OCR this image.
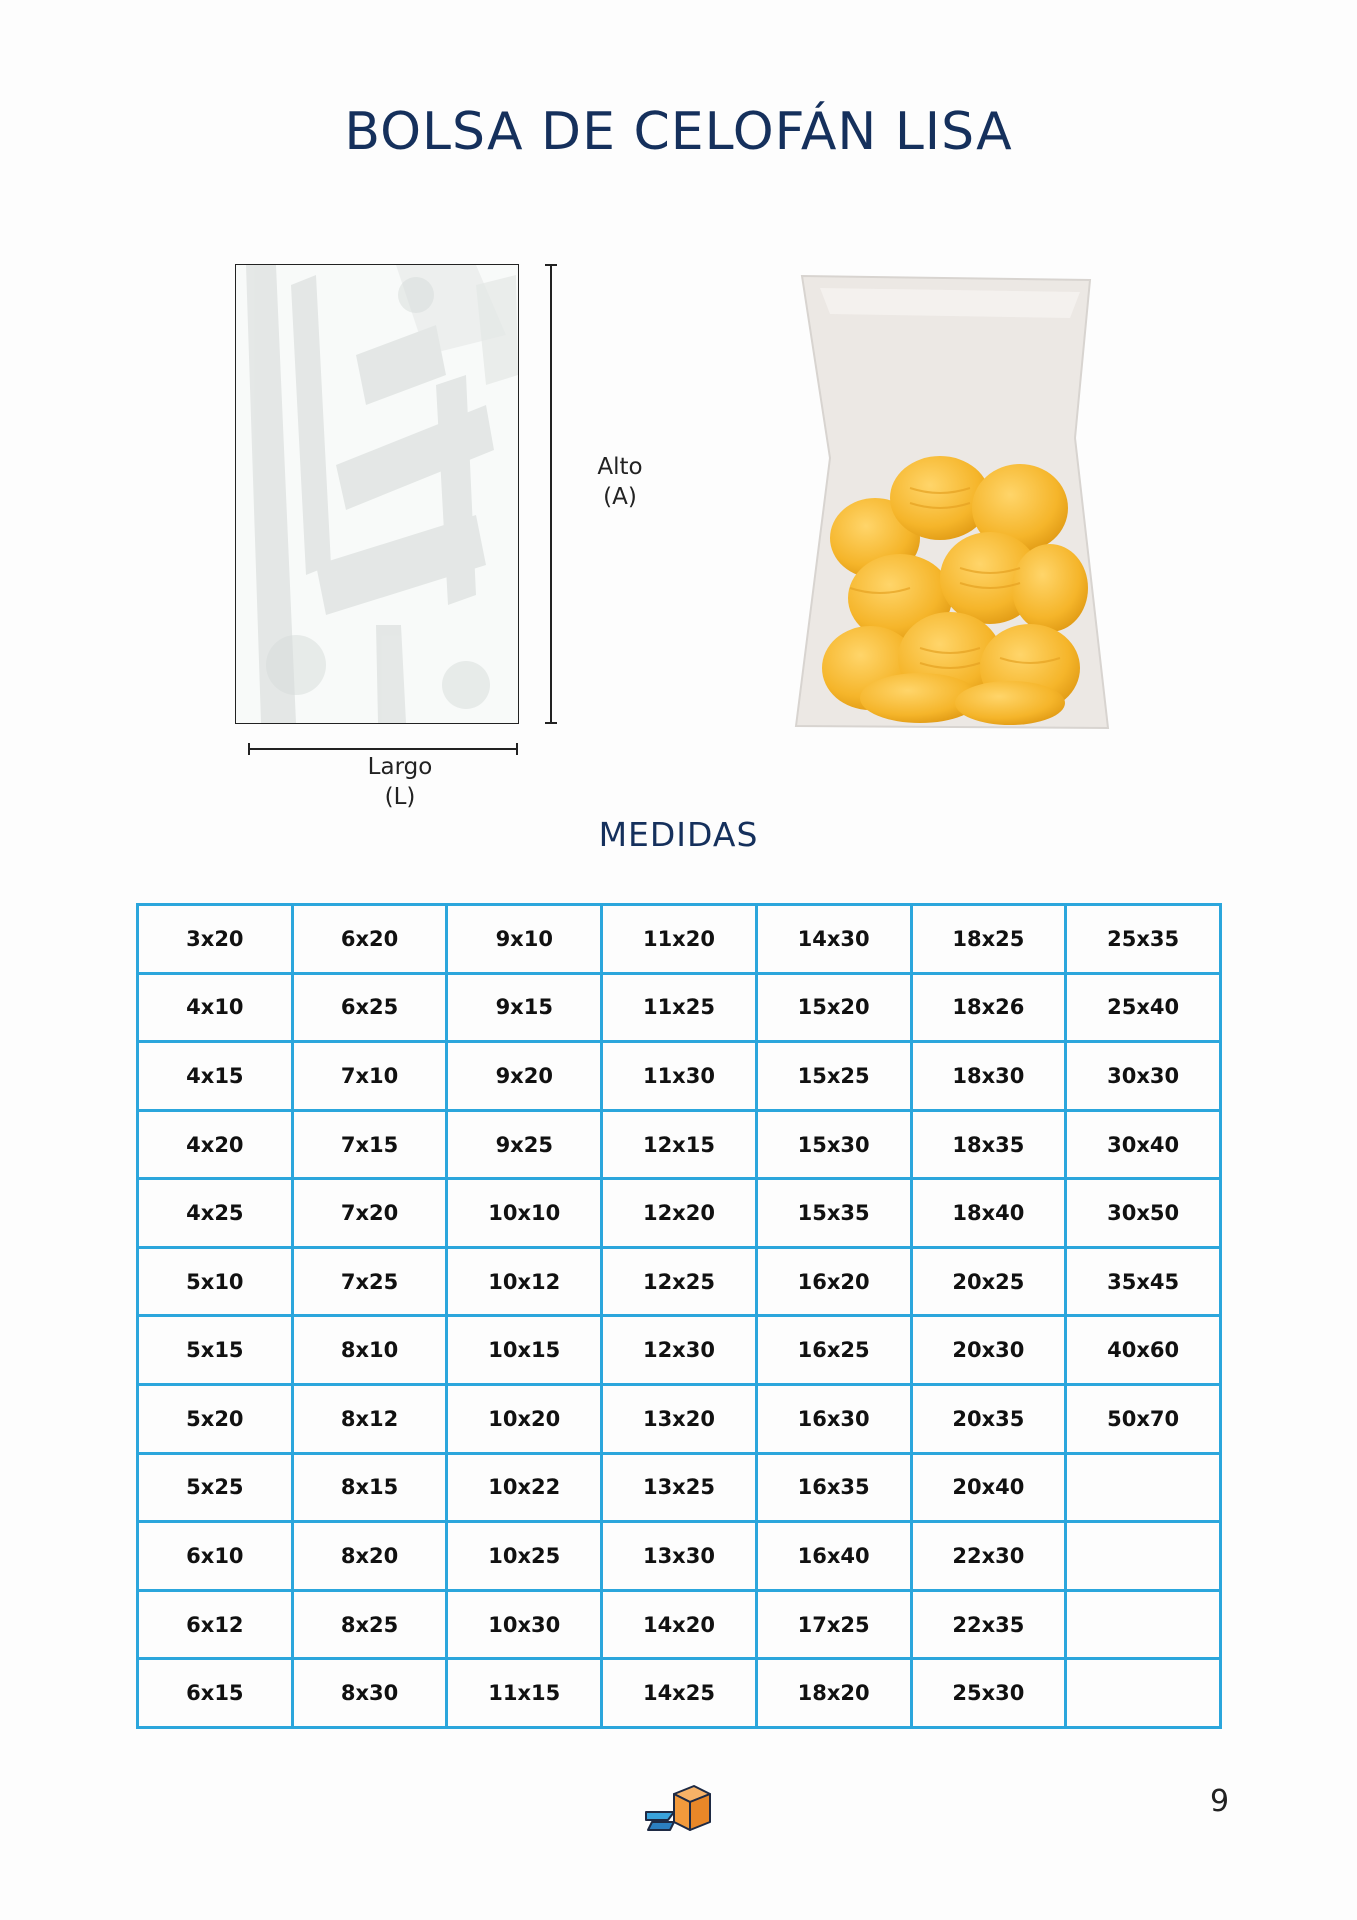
BOLSA DE CELOFÁN LISA
Alto
(A)
Largo
(L)
MEDIDAS
3x20	6x20	9x10	11x20	14x30	18x25	25x35
4x10	6x25	9x15	11x25	15x20	18x26	25x40
4x15	7x10	9x20	11x30	15x25	18x30	30x30
4x20	7x15	9x25	12x15	15x30	18x35	30x40
4x25	7x20	10x10	12x20	15x35	18x40	30x50
5x10	7x25	10x12	12x25	16x20	20x25	35x45
5x15	8x10	10x15	12x30	16x25	20x30	40x60
5x20	8x12	10x20	13x20	16x30	20x35	50x70
5x25	8x15	10x22	13x25	16x35	20x40	
6x10	8x20	10x25	13x30	16x40	22x30	
6x12	8x25	10x30	14x20	17x25	22x35	
6x15	8x30	11x15	14x25	18x20	25x30	
9
